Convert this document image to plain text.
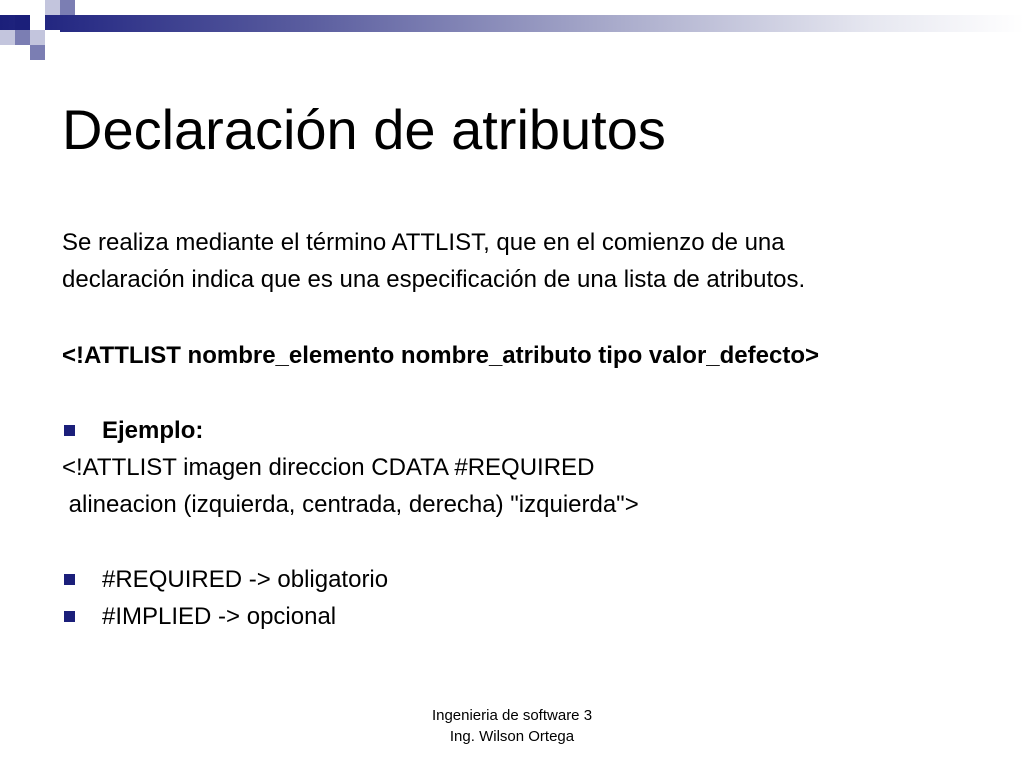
Declaración de atributos
Se realiza mediante el término ATTLIST, que en el comienzo de una
declaración indica que es una especificación de una lista de atributos.
<!ATTLIST nombre_elemento nombre_atributo tipo valor_defecto>
Ejemplo:
<!ATTLIST imagen direccion CDATA #REQUIRED
alineacion (izquierda, centrada, derecha) "izquierda">
#REQUIRED -> obligatorio
#IMPLIED -> opcional
Ingenieria de software 3
Ing. Wilson Ortega
